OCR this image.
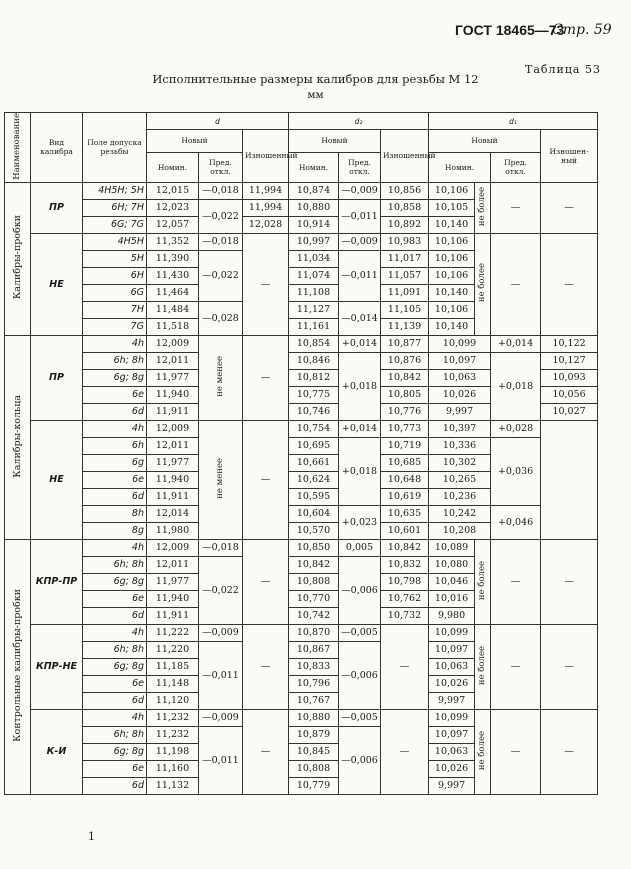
ГОСТ 18465—73
Стр. 59
Таблица 53
Исполнительные размеры калибров для резьбы М 12
мм
Наименование	Вид калибра	Поле допуска резьбы	d			d₂			d₁			
			Новый		Изношенный	Новый		Изношенный	Новый			Изношен-ный
			Номин.	Пред. откл.		Номин.	Пред. откл.		Номин.		Пред. откл.	
Калибры-пробки	ПР	4H5H; 5H	12,015	—0,018	11,994	10,874	—0,009	10,856	10,106	не более	—	—
		6H; 7H	12,023	—0,022	11,994	10,880	—0,011	10,858	10,105			
		6G; 7G	12,057		12,028	10,914		10,892	10,140			
	НЕ	4H5H	11,352	—0,018	—	10,997	—0,009	10,983	10,106	не более	—	—
		5H	11,390	—0,022		11,034	—0,011	11,017	10,106			
		6H	11,430			11,074		11,057	10,106			
		6G	11,464			11,108		11,091	10,140			
		7H	11,484	—0,028		11,127	—0,014	11,105	10,106			
		7G	11,518			11,161		11,139	10,140			
Калибры-кольца	ПР	4h	12,009	не менее	—	10,854	+0,014	10,877	10,099		+0,014	10,122
		6h; 8h	12,011			10,846	+0,018	10,876	10,097		+0,018	10,127
		6g; 8g	11,977			10,812		10,842	10,063			10,093
		6e	11,940			10,775		10,805	10,026			10,056
		6d	11,911			10,746		10,776	9,997			10,027
	НЕ	4h	12,009	не менее	—	10,754	+0,014	10,773	10,397		+0,028	
		6h	12,011			10,695	+0,018	10,719	10,336		+0,036	
		6g	11,977			10,661		10,685	10,302			
		6e	11,940			10,624		10,648	10,265			
		6d	11,911			10,595		10,619	10,236			
		8h	12,014			10,604	+0,023	10,635	10,242		+0,046	
		8g	11,980			10,570		10,601	10,208			
Контрольные калибры-пробки	КПР-ПР	4h	12,009	—0,018	—	10,850	0,005	10,842	10,089	не более	—	—
		6h; 8h	12,011	—0,022		10,842	—0,006	10,832	10,080			
		6g; 8g	11,977			10,808		10,798	10,046			
		6e	11,940			10,770		10,762	10,016			
		6d	11,911			10,742		10,732	9,980			
	КПР-НЕ	4h	11,222	—0,009	—	10,870	—0,005	—	10,099	не более	—	—
		6h; 8h	11,220	—0,011		10,867	—0,006		10,097			
		6g; 8g	11,185			10,833			10,063			
		6e	11,148			10,796			10,026			
		6d	11,120			10,767			9,997			
	К-И	4h	11,232	—0,009	—	10,880	—0,005	—	10,099	не более	—	—
		6h; 8h	11,232	—0,011		10,879	—0,006		10,097			
		6g; 8g	11,198			10,845			10,063			
		6e	11,160			10,808			10,026			
		6d	11,132			10,779			9,997			
1
